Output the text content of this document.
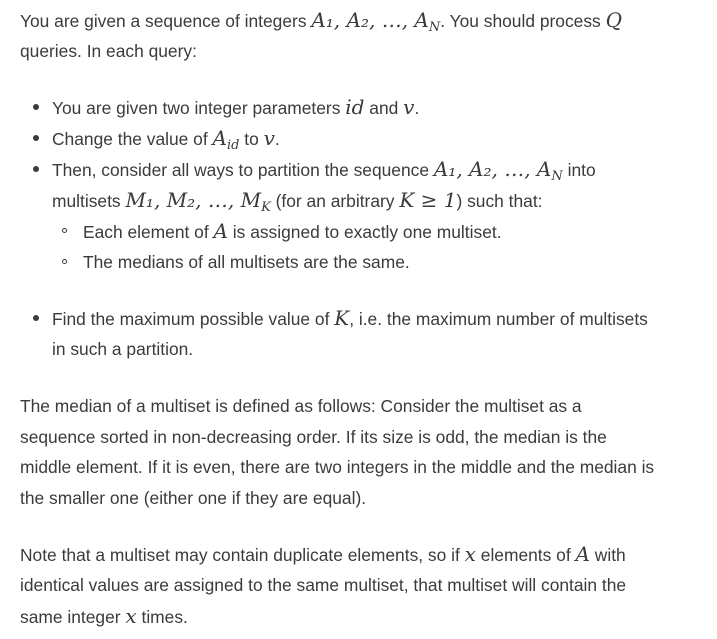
You are given a sequence of integers A₁, A₂, …, $A_N$. You should process Q
queries. In each query:
You are given two integer parameters id and v.
Change the value of $A_{id}$ to v.
Then, consider all ways to partition the sequence A₁, A₂, …, $A_N$ into
multisets M₁, M₂, …, $M_K$ (for an arbitrary K ≥ 1) such that:
Each element of A is assigned to exactly one multiset.
The medians of all multisets are the same.
Find the maximum possible value of K, i.e. the maximum number of multisets
in such a partition.
The median of a multiset is defined as follows: Consider the multiset as a
sequence sorted in non-decreasing order. If its size is odd, the median is the
middle element. If it is even, there are two integers in the middle and the median is
the smaller one (either one if they are equal).
Note that a multiset may contain duplicate elements, so if x elements of A with
identical values are assigned to the same multiset, that multiset will contain the
same integer x times.
